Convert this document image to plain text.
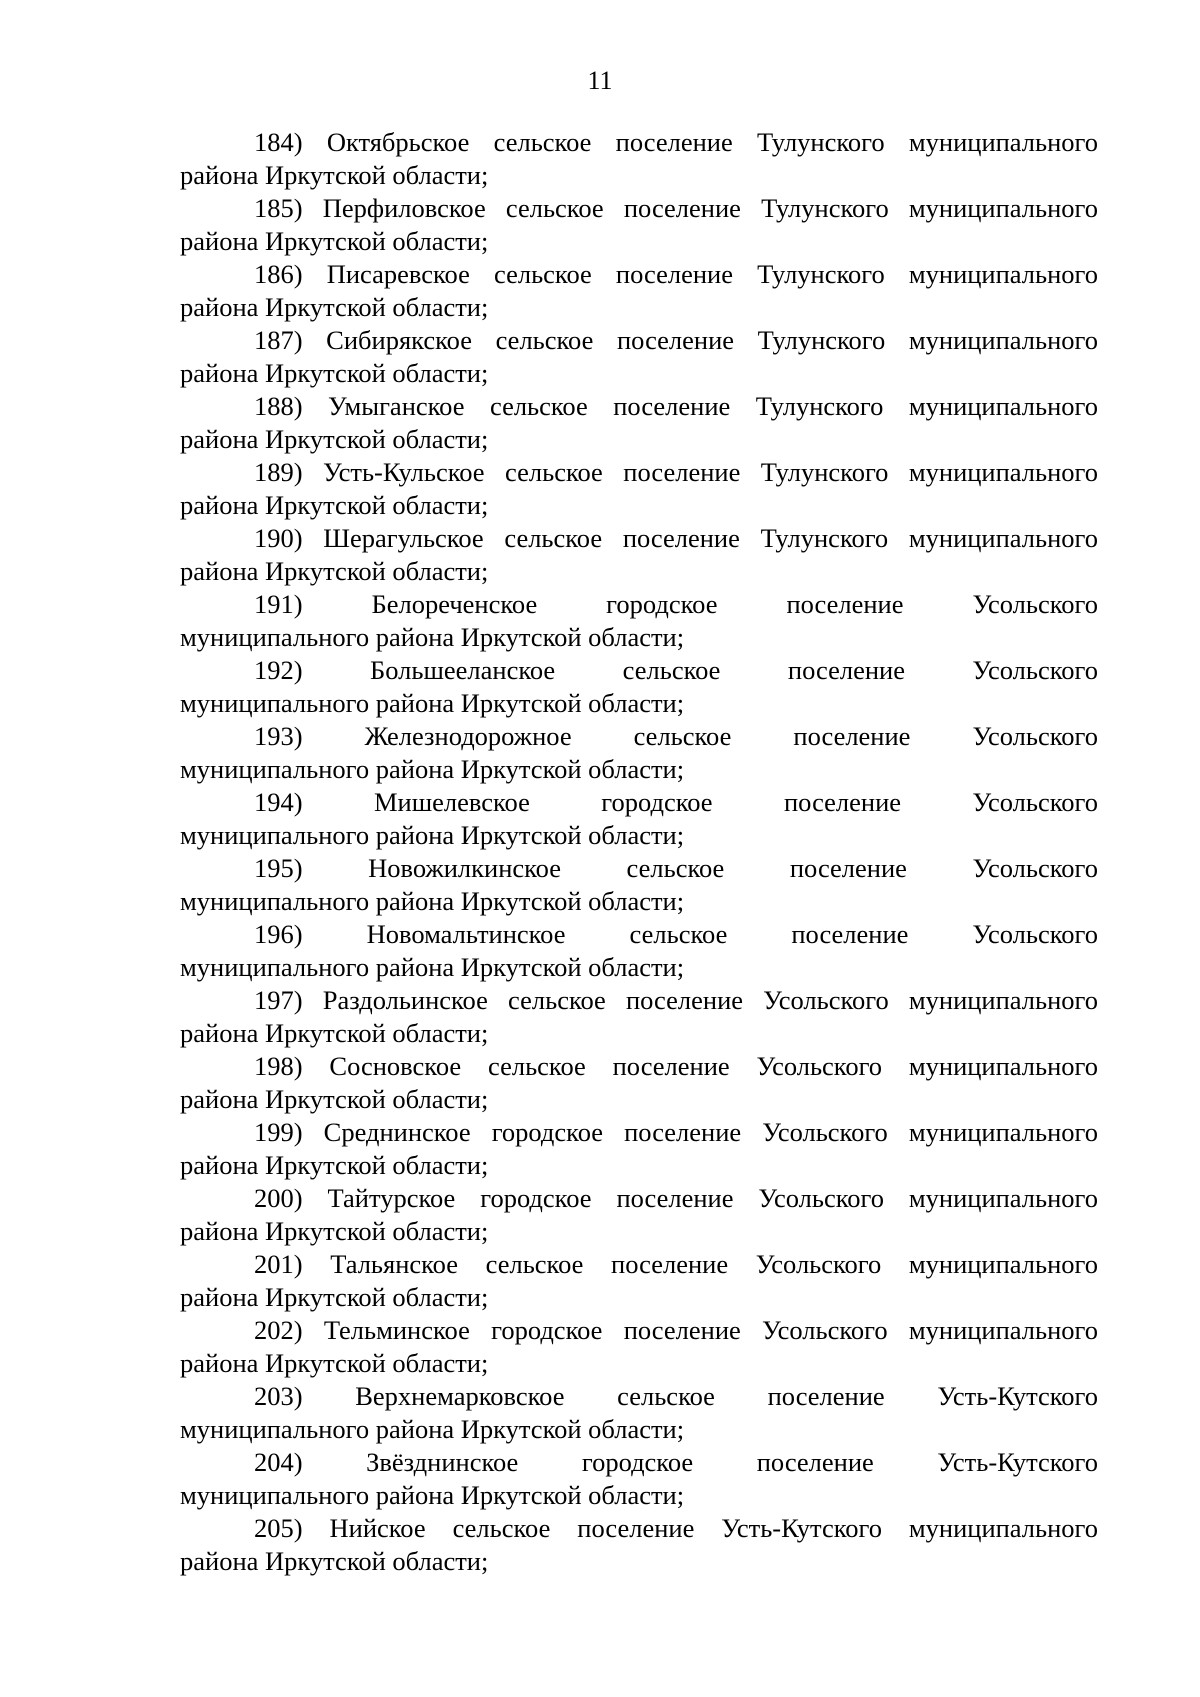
11
184) Октябрьское сельское поселение Тулунского муниципального
района Иркутской области;
185) Перфиловское сельское поселение Тулунского муниципального
района Иркутской области;
186) Писаревское сельское поселение Тулунского муниципального
района Иркутской области;
187) Сибирякское сельское поселение Тулунского муниципального
района Иркутской области;
188) Умыганское сельское поселение Тулунского муниципального
района Иркутской области;
189) Усть-Кульское сельское поселение Тулунского муниципального
района Иркутской области;
190) Шерагульское сельское поселение Тулунского муниципального
района Иркутской области;
191) Белореченское городское поселение Усольского
муниципального района Иркутской области;
192) Большееланское сельское поселение Усольского
муниципального района Иркутской области;
193) Железнодорожное сельское поселение Усольского
муниципального района Иркутской области;
194) Мишелевское городское поселение Усольского
муниципального района Иркутской области;
195) Новожилкинское сельское поселение Усольского
муниципального района Иркутской области;
196) Новомальтинское сельское поселение Усольского
муниципального района Иркутской области;
197) Раздольинское сельское поселение Усольского муниципального
района Иркутской области;
198) Сосновское сельское поселение Усольского муниципального
района Иркутской области;
199) Среднинское городское поселение Усольского муниципального
района Иркутской области;
200) Тайтурское городское поселение Усольского муниципального
района Иркутской области;
201) Тальянское сельское поселение Усольского муниципального
района Иркутской области;
202) Тельминское городское поселение Усольского муниципального
района Иркутской области;
203) Верхнемарковское сельское поселение Усть-Кутского
муниципального района Иркутской области;
204) Звёзднинское городское поселение Усть-Кутского
муниципального района Иркутской области;
205) Нийское сельское поселение Усть-Кутского муниципального
района Иркутской области;
